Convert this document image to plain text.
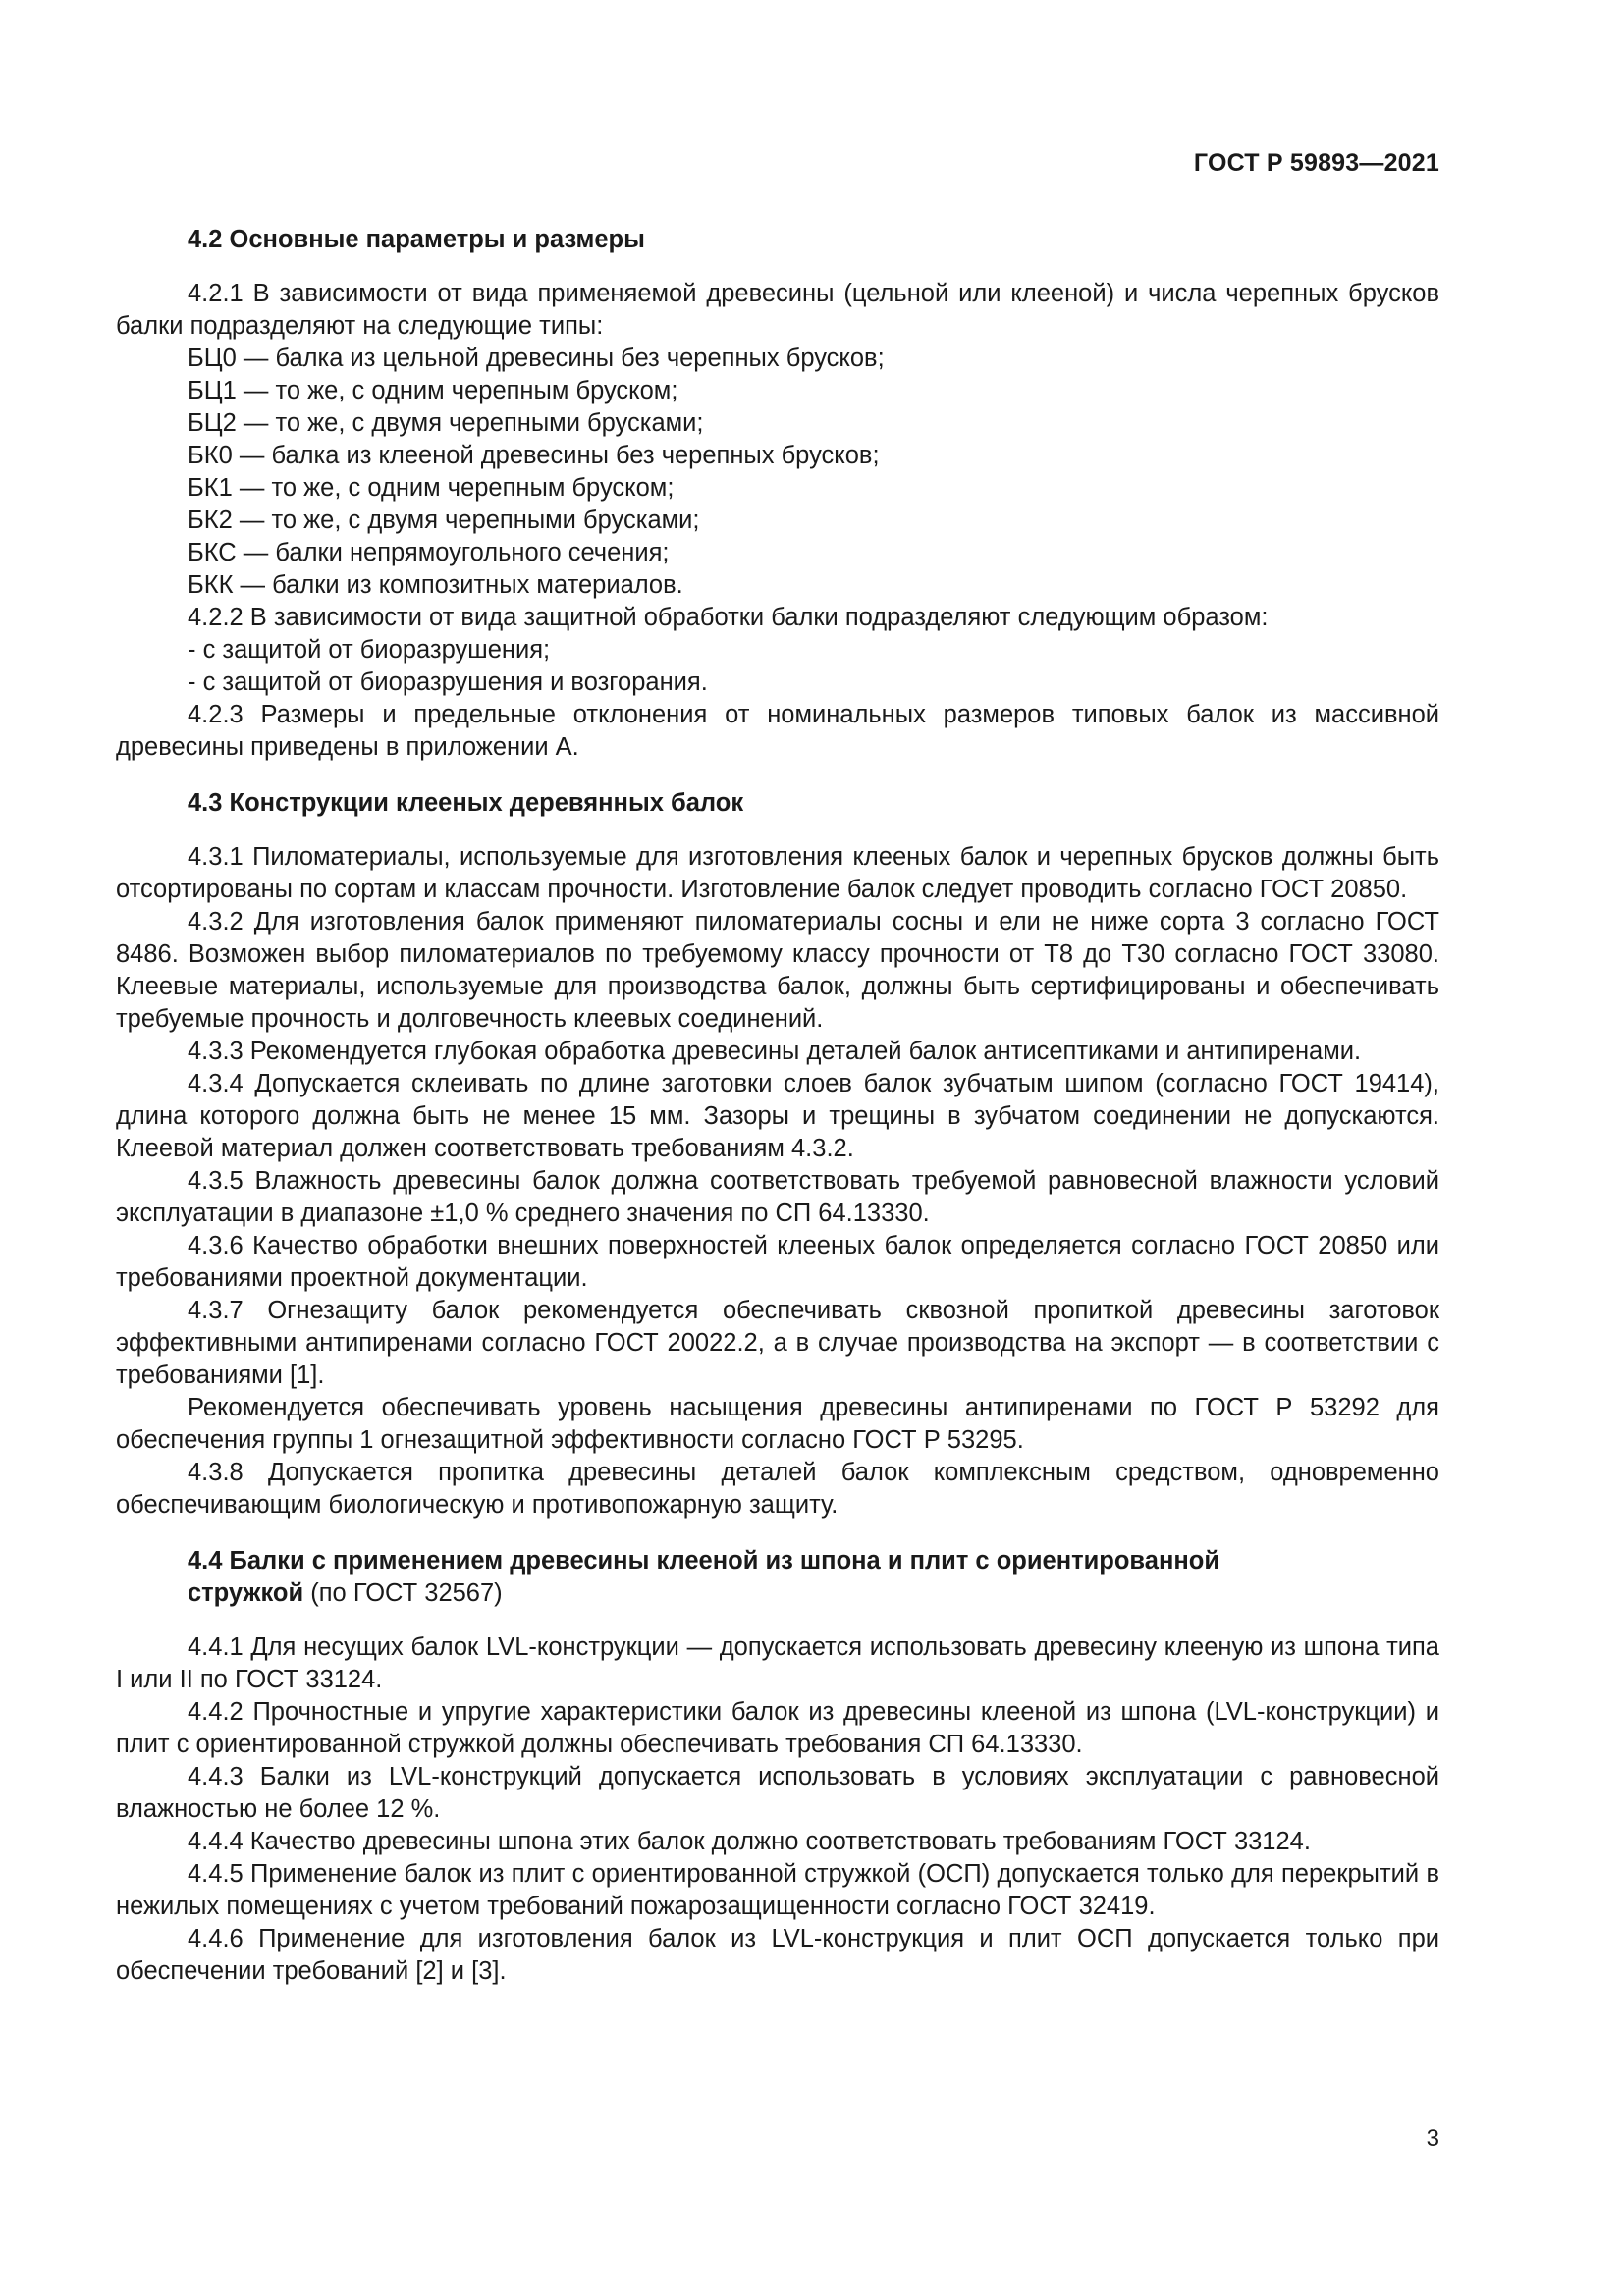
ГОСТ Р 59893—2021
4.2 Основные параметры и размеры

4.2.1 В зависимости от вида применяемой древесины (цельной или клееной) и числа черепных брусков балки подразделяют на следующие типы:

БЦ0 — балка из цельной древесины без черепных брусков;
БЦ1 — то же, с одним черепным бруском;
БЦ2 — то же, с двумя черепными брусками;
БК0 — балка из клееной древесины без черепных брусков;
БК1 — то же, с одним черепным бруском;
БК2 — то же, с двумя черепными брусками;
БКС — балки непрямоугольного сечения;
БКК — балки из композитных материалов.

4.2.2 В зависимости от вида защитной обработки балки подразделяют следующим образом:

- с защитой от биоразрушения;
- с защитой от биоразрушения и возгорания.

4.2.3 Размеры и предельные отклонения от номинальных размеров типовых балок из массивной древесины приведены в приложении А.

4.3 Конструкции клееных деревянных балок

4.3.1 Пиломатериалы, используемые для изготовления клееных балок и черепных брусков должны быть отсортированы по сортам и классам прочности. Изготовление балок следует проводить согласно ГОСТ 20850.

4.3.2 Для изготовления балок применяют пиломатериалы сосны и ели не ниже сорта 3 согласно ГОСТ 8486. Возможен выбор пиломатериалов по требуемому классу прочности от Т8 до Т30 согласно ГОСТ 33080. Клеевые материалы, используемые для производства балок, должны быть сертифицированы и обеспечивать требуемые прочность и долговечность клеевых соединений.

4.3.3 Рекомендуется глубокая обработка древесины деталей балок антисептиками и антипиренами.

4.3.4 Допускается склеивать по длине заготовки слоев балок зубчатым шипом (согласно ГОСТ 19414), длина которого должна быть не менее 15 мм. Зазоры и трещины в зубчатом соединении не допускаются. Клеевой материал должен соответствовать требованиям 4.3.2.

4.3.5 Влажность древесины балок должна соответствовать требуемой равновесной влажности условий эксплуатации в диапазоне ±1,0 % среднего значения по СП 64.13330.

4.3.6 Качество обработки внешних поверхностей клееных балок определяется согласно ГОСТ 20850 или требованиями проектной документации.

4.3.7 Огнезащиту балок рекомендуется обеспечивать сквозной пропиткой древесины заготовок эффективными антипиренами согласно ГОСТ 20022.2, а в случае производства на экспорт — в соответствии с требованиями [1].

Рекомендуется обеспечивать уровень насыщения древесины антипиренами по ГОСТ Р 53292 для обеспечения группы 1 огнезащитной эффективности согласно ГОСТ Р 53295.

4.3.8 Допускается пропитка древесины деталей балок комплексным средством, одновременно обеспечивающим биологическую и противопожарную защиту.

4.4 Балки с применением древесины клееной из шпона и плит с ориентированной
стружкой (по ГОСТ 32567)

4.4.1 Для несущих балок LVL-конструкции — допускается использовать древесину клееную из шпона типа I или II по ГОСТ 33124.

4.4.2 Прочностные и упругие характеристики балок из древесины клееной из шпона (LVL-конструкции) и плит с ориентированной стружкой должны обеспечивать требования СП 64.13330.

4.4.3 Балки из LVL-конструкций допускается использовать в условиях эксплуатации с равновесной влажностью не более 12 %.

4.4.4 Качество древесины шпона этих балок должно соответствовать требованиям ГОСТ 33124.

4.4.5 Применение балок из плит с ориентированной стружкой (ОСП) допускается только для перекрытий в нежилых помещениях с учетом требований пожарозащищенности согласно ГОСТ 32419.

4.4.6 Применение для изготовления балок из LVL-конструкция и плит ОСП допускается только при обеспечении требований [2] и [3].

3
